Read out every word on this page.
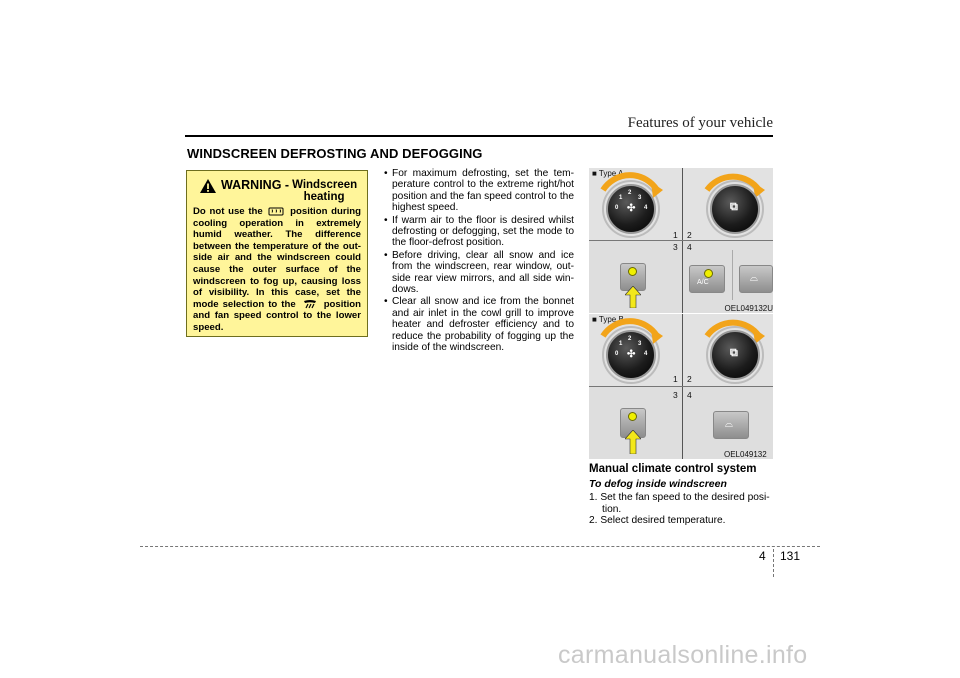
Features of your vehicle
WINDSCREEN DEFROSTING AND DEFOGGING
WARNING - Windscreen heating
Do not use the	position during cooling operation in extremely humid weather. The difference between the temperature of the out-side air and the windscreen could cause the outer surface of the windscreen to fog up, causing loss of visibility. In this case, set the mode selection to the	position and fan speed control to the lower speed.
• For maximum defrosting, set the tem-perature control to the extreme right/hot position and the fan speed control to the highest speed.
• If warm air to the floor is desired whilst defrosting or defogging, set the mode to the floor-defrost position.
• Before driving, clear all snow and ice from the windscreen, rear window, out-side rear view mirrors, and all side win-dows.
• Clear all snow and ice from the bonnet and air inlet in the cowl grill to improve heater and defroster efficiency and to reduce the probability of fogging up the inside of the windscreen.
■ Type A
0
1
2
3
4
✣	⧉
1 2
3 4
A/C	⌓
OEL049132U
■ Type B
0
1
2
3
4
✣	⧉
1 2
3 4
⌓
OEL049132
Manual climate control system
To defog inside windscreen
1. Set the fan speed to the desired posi-tion.
2. Select desired temperature.
4 131
carmanualsonline.info
